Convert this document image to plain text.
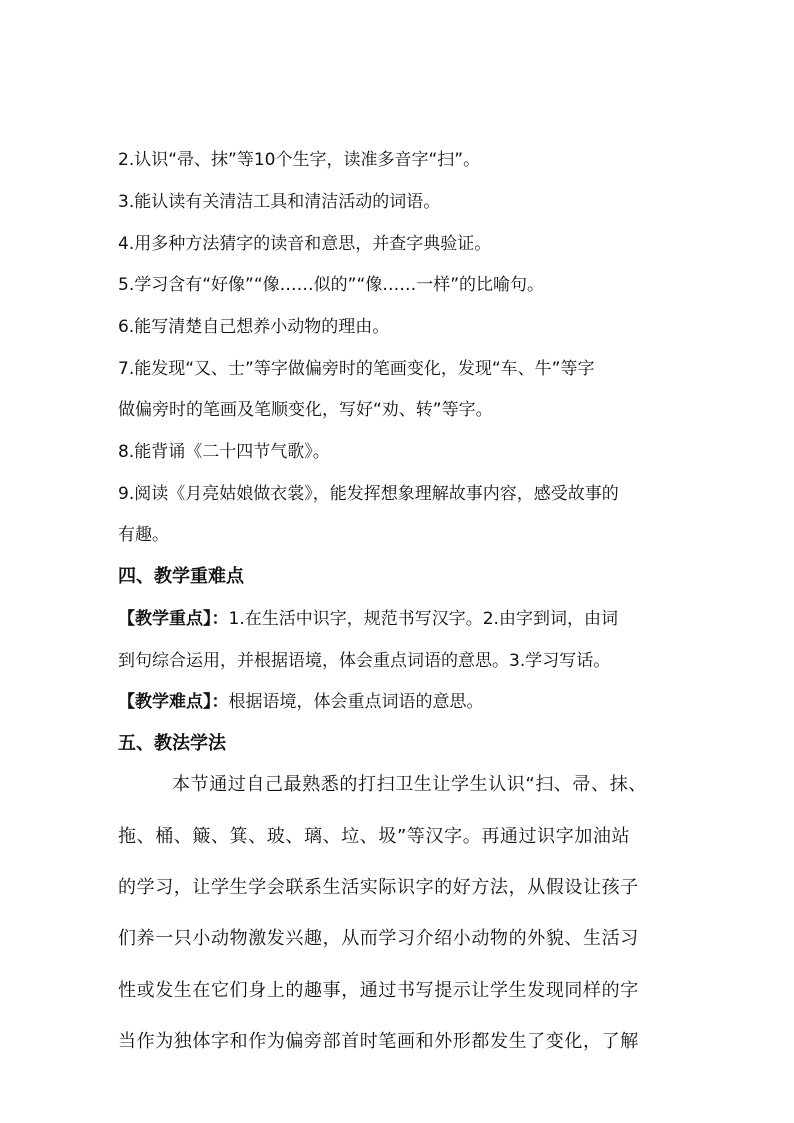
2.认识“帚、抹”等10个生字，读准多音字“扫”。
3.能认读有关清洁工具和清洁活动的词语。
4.用多种方法猜字的读音和意思，并查字典验证。
5.学习含有“好像”“像……似的”“像……一样”的比喻句。
6.能写清楚自己想养小动物的理由。
7.能发现“又、士”等字做偏旁时的笔画变化，发现“车、牛”等字
做偏旁时的笔画及笔顺变化，写好“劝、转”等字。
8.能背诵《二十四节气歌》。
9.阅读《月亮姑娘做衣裳》，能发挥想象理解故事内容，感受故事的
有趣。
四、教学重难点
【教学重点】：1.在生活中识字，规范书写汉字。2.由字到词，由词
到句综合运用，并根据语境，体会重点词语的意思。3.学习写话。
【教学难点】：根据语境，体会重点词语的意思。
五、教法学法
本节通过自己最熟悉的打扫卫生让学生认识“扫、帚、抹、
拖、桶、簸、箕、玻、璃、垃、圾”等汉字。再通过识字加油站
的学习，让学生学会联系生活实际识字的好方法，从假设让孩子
们养一只小动物激发兴趣，从而学习介绍小动物的外貌、生活习
性或发生在它们身上的趣事，通过书写提示让学生发现同样的字
当作为独体字和作为偏旁部首时笔画和外形都发生了变化，了解
